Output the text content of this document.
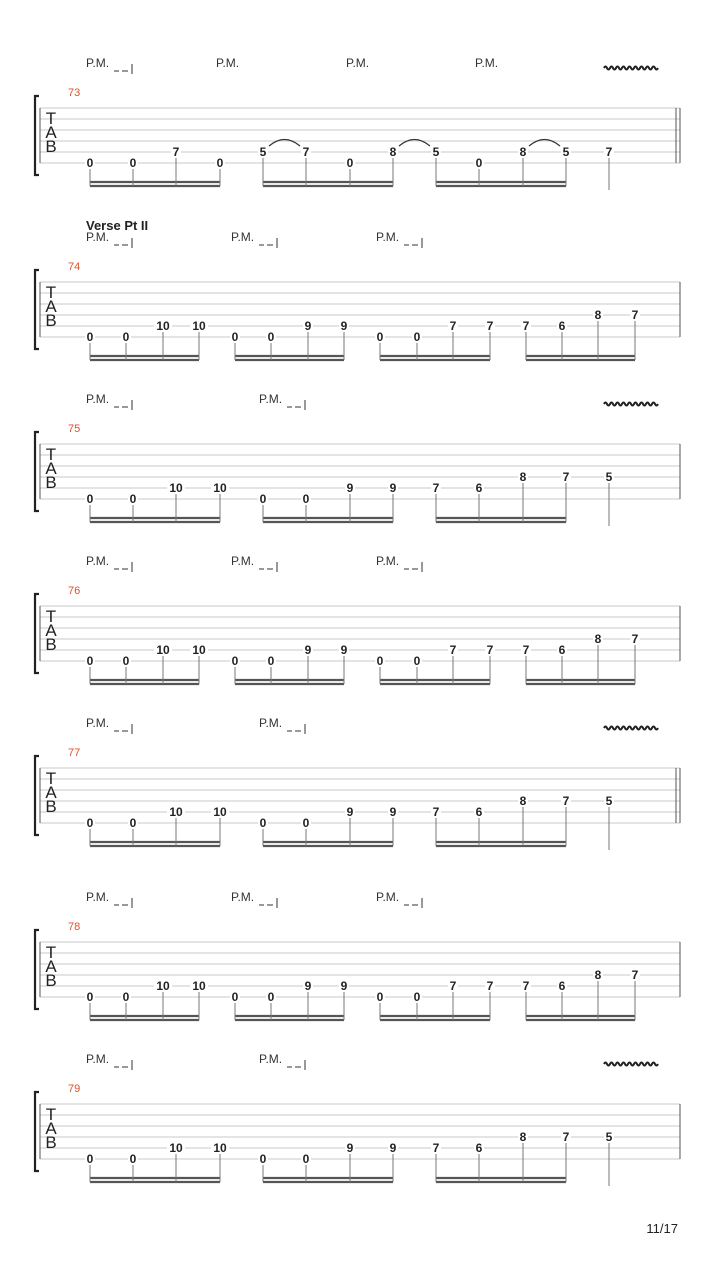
T
A
B
73
P.M.	P.M.	P.M.	P.M.
0	0
7
0
5	7
0
8	5
0
8	5	7
T
A
B
74
Verse Pt II
P.M.	P.M.	P.M.
0 0
10 10
0 0
9 9
0	0
7	7 7 6
8	7
T
A
B
75
P.M.	P.M.
0	0
10	10
0	0
9	9	7	6
8	7	5
T
A
B
76
P.M.	P.M.	P.M.
0 0
10 10
0 0
9 9
0	0
7	7 7 6
8	7
T
A
B
77
P.M.	P.M.
0	0
10	10
0	0
9	9	7	6
8	7	5
T
A
B
78
P.M.	P.M.	P.M.
0 0
10 10
0 0
9 9
0	0
7	7 7 6
8	7
T
A
B
79
P.M.	P.M.
0	0
10	10
0	0
9	9	7	6
8	7	5
11/17
